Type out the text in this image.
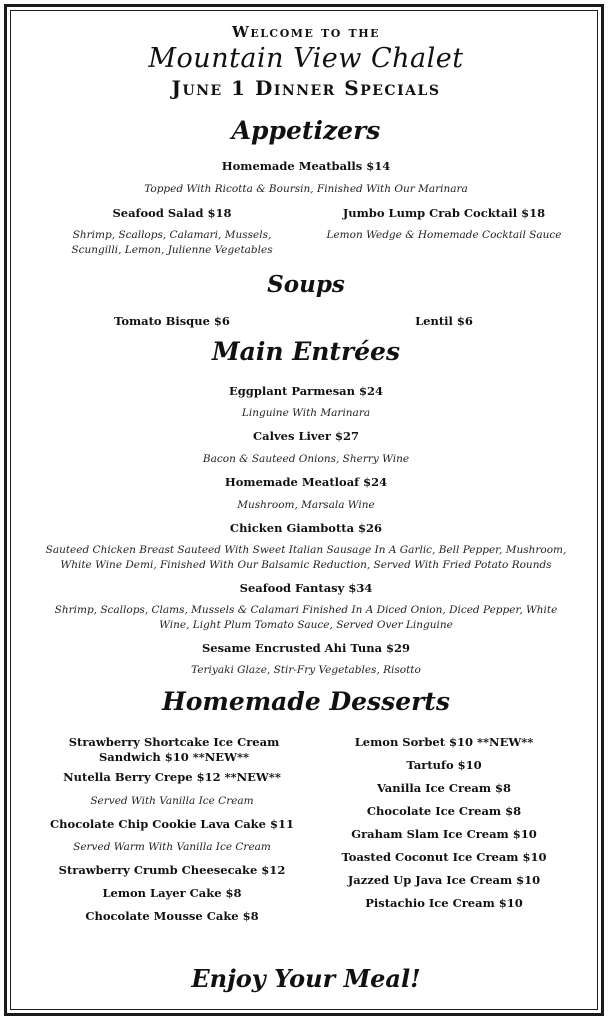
Welcome to the
Mountain View Chalet
June 1 Dinner Specials
Appetizers
Homemade Meatballs $14
Topped With Ricotta & Boursin, Finished With Our Marinara
Seafood Salad $18
Shrimp, Scallops, Calamari, Mussels, Scungilli, Lemon, Julienne Vegetables
Jumbo Lump Crab Cocktail $18
Lemon Wedge & Homemade Cocktail Sauce
Soups
Tomato Bisque $6	Lentil $6
Main Entrées
Eggplant Parmesan $24
Linguine With Marinara
Calves Liver $27
Bacon & Sauteed Onions, Sherry Wine
Homemade Meatloaf $24
Mushroom, Marsala Wine
Chicken Giambotta $26
Sauteed Chicken Breast Sauteed With Sweet Italian Sausage In A Garlic, Bell Pepper, Mushroom, White Wine Demi, Finished With Our Balsamic Reduction, Served With Fried Potato Rounds
Seafood Fantasy $34
Shrimp, Scallops, Clams, Mussels & Calamari Finished In A Diced Onion, Diced Pepper, White Wine, Light Plum Tomato Sauce, Served Over Linguine
Sesame Encrusted Ahi Tuna $29
Teriyaki Glaze, Stir-Fry Vegetables, Risotto
Homemade Desserts
Strawberry Shortcake Ice Cream Sandwich $10 **NEW**
Nutella Berry Crepe $12 **NEW**
Served With Vanilla Ice Cream
Chocolate Chip Cookie Lava Cake $11
Served Warm With Vanilla Ice Cream
Strawberry Crumb Cheesecake $12
Lemon Layer Cake $8
Chocolate Mousse Cake $8
Lemon Sorbet $10 **NEW**
Tartufo $10
Vanilla Ice Cream $8
Chocolate Ice Cream $8
Graham Slam Ice Cream $10
Toasted Coconut Ice Cream $10
Jazzed Up Java Ice Cream $10
Pistachio Ice Cream $10
Enjoy Your Meal!
